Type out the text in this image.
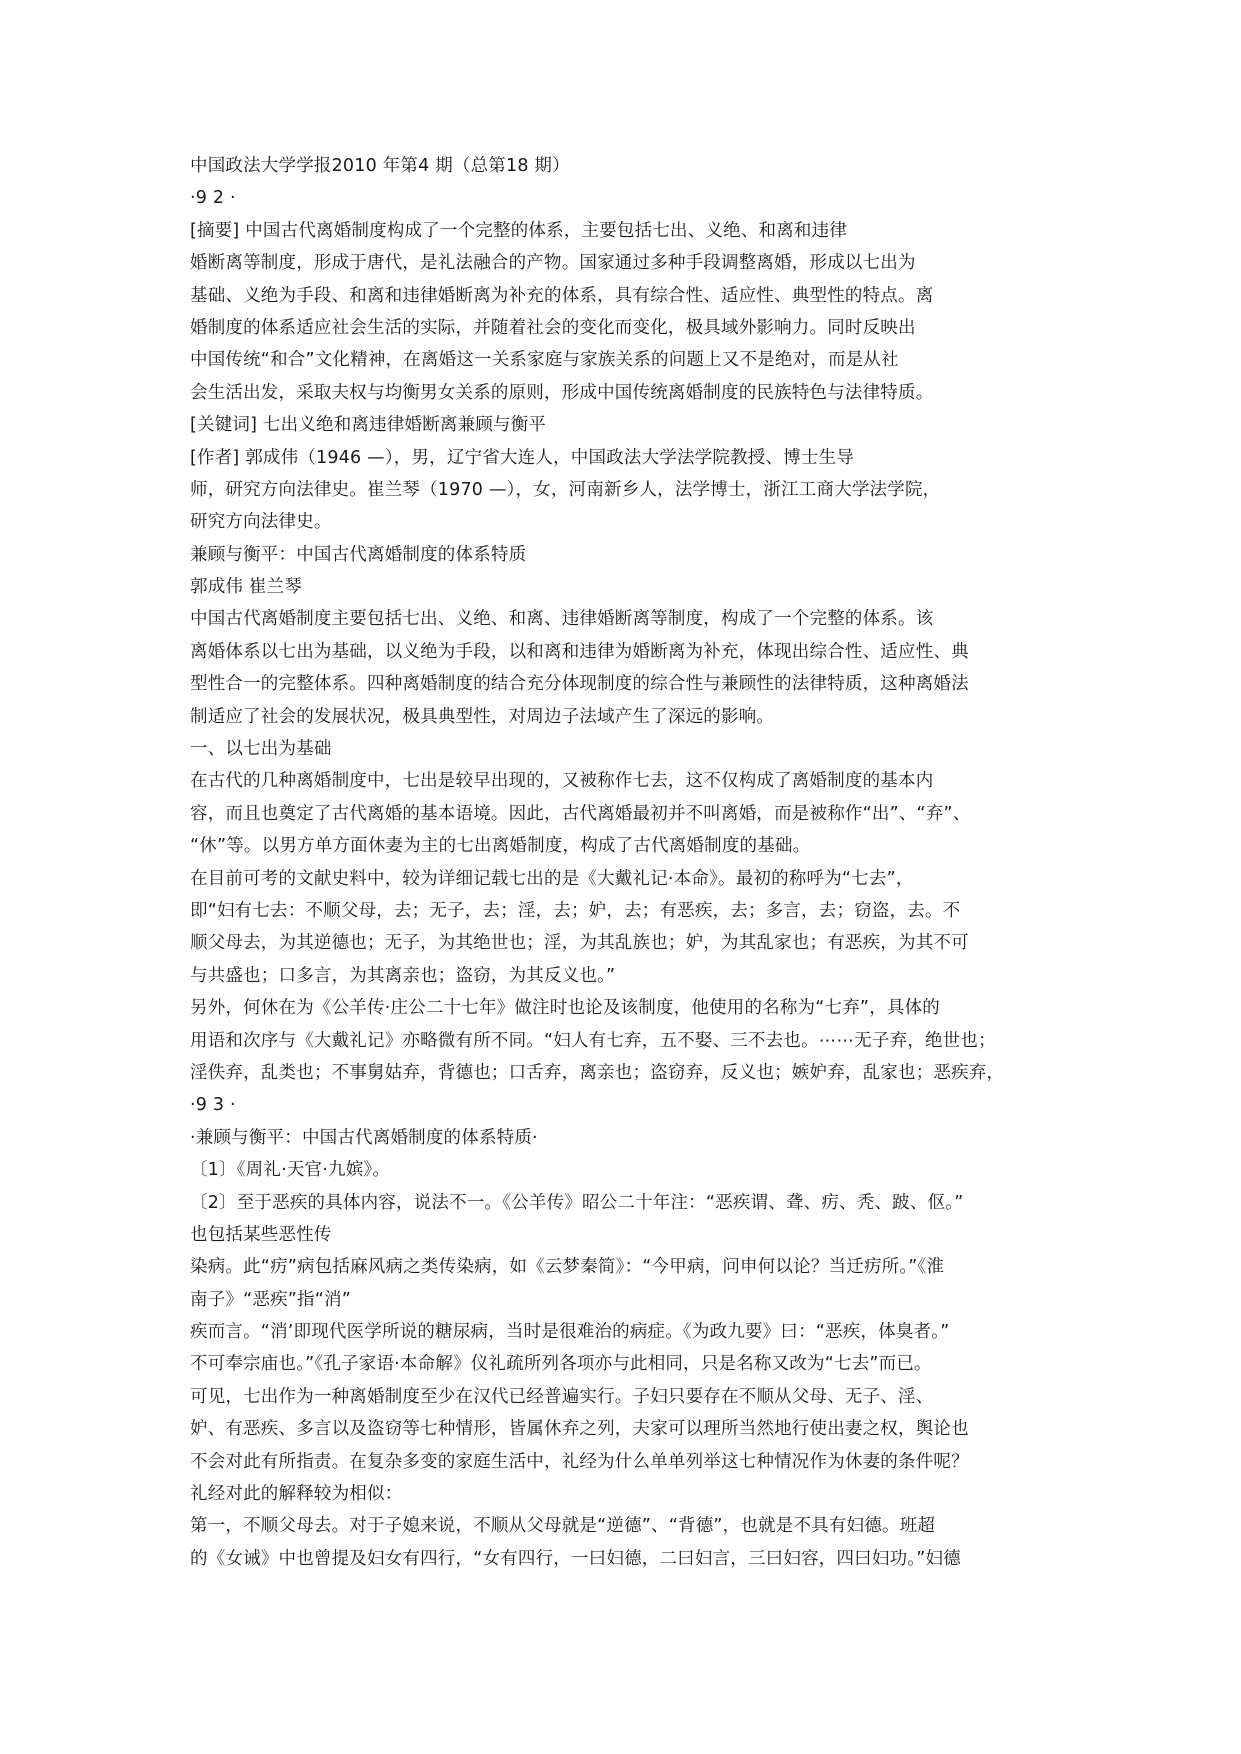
中国政法大学学报2010 年第4 期（总第18 期）
·9 2 ·
[摘要] 中国古代离婚制度构成了一个完整的体系，主要包括七出、义绝、和离和违律
婚断离等制度，形成于唐代，是礼法融合的产物。国家通过多种手段调整离婚，形成以七出为
基础、义绝为手段、和离和违律婚断离为补充的体系，具有综合性、适应性、典型性的特点。离
婚制度的体系适应社会生活的实际，并随着社会的变化而变化，极具域外影响力。同时反映出
中国传统“和合”文化精神，在离婚这一关系家庭与家族关系的问题上又不是绝对，而是从社
会生活出发，采取夫权与均衡男女关系的原则，形成中国传统离婚制度的民族特色与法律特质。
[关键词] 七出义绝和离违律婚断离兼顾与衡平
[作者] 郭成伟（1946 —），男，辽宁省大连人，中国政法大学法学院教授、博士生导
师，研究方向法律史。崔兰琴（1970 —），女，河南新乡人，法学博士，浙江工商大学法学院，
研究方向法律史。
兼顾与衡平：中国古代离婚制度的体系特质
郭成伟 崔兰琴
中国古代离婚制度主要包括七出、义绝、和离、违律婚断离等制度，构成了一个完整的体系。该
离婚体系以七出为基础，以义绝为手段，以和离和违律为婚断离为补充，体现出综合性、适应性、典
型性合一的完整体系。四种离婚制度的结合充分体现制度的综合性与兼顾性的法律特质，这种离婚法
制适应了社会的发展状况，极具典型性，对周边子法域产生了深远的影响。
一、以七出为基础
在古代的几种离婚制度中，七出是较早出现的，又被称作七去，这不仅构成了离婚制度的基本内
容，而且也奠定了古代离婚的基本语境。因此，古代离婚最初并不叫离婚，而是被称作“出”、“弃”、
“休”等。以男方单方面休妻为主的七出离婚制度，构成了古代离婚制度的基础。
在目前可考的文献史料中，较为详细记载七出的是《大戴礼记·本命》。最初的称呼为“七去”，
即“妇有七去：不顺父母，去；无子，去；淫，去；妒，去；有恶疾，去；多言，去；窃盗，去。不
顺父母去，为其逆德也；无子，为其绝世也；淫，为其乱族也；妒，为其乱家也；有恶疾，为其不可
与共盛也；口多言，为其离亲也；盗窃，为其反义也。”
另外，何休在为《公羊传·庄公二十七年》做注时也论及该制度，他使用的名称为“七弃”，具体的
用语和次序与《大戴礼记》亦略微有所不同。“妇人有七弃，五不娶、三不去也。⋯⋯无子弃，绝世也；
淫佚弃，乱类也；不事舅姑弃，背德也；口舌弃，离亲也；盗窃弃，反义也；嫉妒弃，乱家也；恶疾弃，
·9 3 ·
·兼顾与衡平：中国古代离婚制度的体系特质·
〔1〕《周礼·天官·九嫔》。
〔2〕至于恶疾的具体内容，说法不一。《公羊传》昭公二十年注：“恶疾谓、聋、疠、秃、跛、伛。”
也包括某些恶性传
染病。此“疠”病包括麻风病之类传染病，如《云梦秦简》：“今甲病，问申何以论？当迁疠所。”《淮
南子》“恶疾”指“消”
疾而言。“消’即现代医学所说的糖尿病，当时是很难治的病症。《为政九要》曰：“恶疾，体臭者。”
不可奉宗庙也。”《孔子家语·本命解》仪礼疏所列各项亦与此相同，只是名称又改为“七去”而已。
可见，七出作为一种离婚制度至少在汉代已经普遍实行。子妇只要存在不顺从父母、无子、淫、
妒、有恶疾、多言以及盗窃等七种情形，皆属休弃之列，夫家可以理所当然地行使出妻之权，舆论也
不会对此有所指责。在复杂多变的家庭生活中，礼经为什么单单列举这七种情况作为休妻的条件呢？
礼经对此的解释较为相似：
第一，不顺父母去。对于子媳来说，不顺从父母就是“逆德”、“背德”，也就是不具有妇德。班超
的《女诫》中也曾提及妇女有四行，“女有四行，一曰妇德，二曰妇言，三曰妇容，四曰妇功。”妇德
